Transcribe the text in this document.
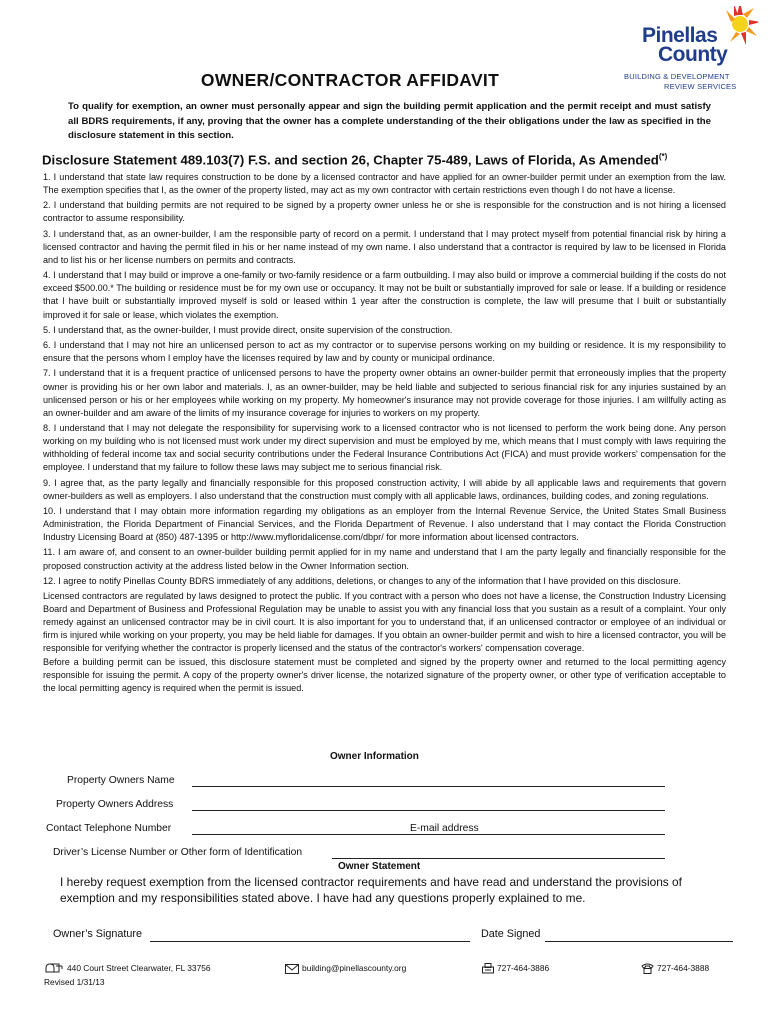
Pinellas
County
BUILDING & DEVELOPMENT
REVIEW SERVICES
OWNER/CONTRACTOR AFFIDAVIT
To qualify for exemption, an owner must personally appear and sign the building permit application and the permit receipt and must satisfy all BDRS requirements, if any, proving that the owner has a complete understanding of the their obligations under the law as specified in the disclosure statement in this section.
Disclosure Statement 489.103(7) F.S. and section 26, Chapter 75-489, Laws of Florida, As Amended(*)

1. I understand that state law requires construction to be done by a licensed contractor and have applied for an owner-builder permit under an exemption from the law. The exemption specifies that I, as the owner of the property listed, may act as my own contractor with certain restrictions even though I do not have a license.

2. I understand that building permits are not required to be signed by a property owner unless he or she is responsible for the construction and is not hiring a licensed contractor to assume responsibility.

3. I understand that, as an owner-builder, I am the responsible party of record on a permit. I understand that I may protect myself from potential financial risk by hiring a licensed contractor and having the permit filed in his or her name instead of my own name. I also understand that a contractor is required by law to be licensed in Florida and to list his or her license numbers on permits and contracts.

4. I understand that I may build or improve a one-family or two-family residence or a farm outbuilding. I may also build or improve a commercial building if the costs do not exceed $500.00.* The building or residence must be for my own use or occupancy. It may not be built or substantially improved for sale or lease. If a building or residence that I have built or substantially improved myself is sold or leased within 1 year after the construction is complete, the law will presume that I built or substantially improved it for sale or lease, which violates the exemption.

5. I understand that, as the owner-builder, I must provide direct, onsite supervision of the construction.

6. I understand that I may not hire an unlicensed person to act as my contractor or to supervise persons working on my building or residence. It is my responsibility to ensure that the persons whom I employ have the licenses required by law and by county or municipal ordinance.

7. I understand that it is a frequent practice of unlicensed persons to have the property owner obtains an owner-builder permit that erroneously implies that the property owner is providing his or her own labor and materials. I, as an owner-builder, may be held liable and subjected to serious financial risk for any injuries sustained by an unlicensed person or his or her employees while working on my property. My homeowner's insurance may not provide coverage for those injuries. I am willfully acting as an owner-builder and am aware of the limits of my insurance coverage for injuries to workers on my property.

8. I understand that I may not delegate the responsibility for supervising work to a licensed contractor who is not licensed to perform the work being done. Any person working on my building who is not licensed must work under my direct supervision and must be employed by me, which means that I must comply with laws requiring the withholding of federal income tax and social security contributions under the Federal Insurance Contributions Act (FICA) and must provide workers' compensation for the employee. I understand that my failure to follow these laws may subject me to serious financial risk.

9. I agree that, as the party legally and financially responsible for this proposed construction activity, I will abide by all applicable laws and requirements that govern owner-builders as well as employers. I also understand that the construction must comply with all applicable laws, ordinances, building codes, and zoning regulations.

10. I understand that I may obtain more information regarding my obligations as an employer from the Internal Revenue Service, the United States Small Business Administration, the Florida Department of Financial Services, and the Florida Department of Revenue. I also understand that I may contact the Florida Construction Industry Licensing Board at (850) 487-1395 or http://www.myfloridalicense.com/dbpr/ for more information about licensed contractors.

11. I am aware of, and consent to an owner-builder building permit applied for in my name and understand that I am the party legally and financially responsible for the proposed construction activity at the address listed below in the Owner Information section.

12. I agree to notify Pinellas County BDRS immediately of any additions, deletions, or changes to any of the information that I have provided on this disclosure.

Licensed contractors are regulated by laws designed to protect the public. If you contract with a person who does not have a license, the Construction Industry Licensing Board and Department of Business and Professional Regulation may be unable to assist you with any financial loss that you sustain as a result of a complaint. Your only remedy against an unlicensed contractor may be in civil court. It is also important for you to understand that, if an unlicensed contractor or employee of an individual or firm is injured while working on your property, you may be held liable for damages. If you obtain an owner-builder permit and wish to hire a licensed contractor, you will be responsible for verifying whether the contractor is properly licensed and the status of the contractor's workers' compensation coverage.

Before a building permit can be issued, this disclosure statement must be completed and signed by the property owner and returned to the local permitting agency responsible for issuing the permit. A copy of the property owner's driver license, the notarized signature of the property owner, or other type of verification acceptable to the local permitting agency is required when the permit is issued.

Owner Information
Property Owners Name
Property Owners Address
Contact Telephone Number	E-mail address
Driver’s License Number or Other form of Identification
Owner Statement
I hereby request exemption from the licensed contractor requirements and have read and understand the provisions of exemption and my responsibilities stated above. I have had any questions properly explained to me.
Owner’s Signature	Date Signed
440 Court Street Clearwater, FL 33756	building@pinellascounty.org	727-464-3886	727-464-3888
Revised 1/31/13
